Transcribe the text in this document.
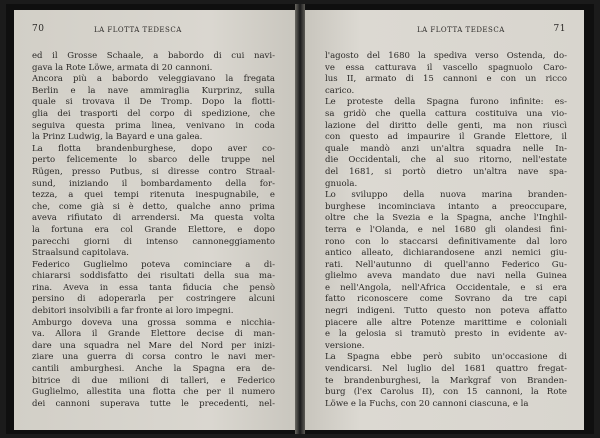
70	LA FLOTTA TEDESCA
ed il Grosse Schaale, a babordo di cui navi-
gava la Rote Löwe, armata di 20 cannoni.
Ancora più a babordo veleggiavano la fregata
Berlin e la nave ammiraglia Kurprinz, sulla
quale si trovava il De Tromp. Dopo la flotti-
glia dei trasporti del corpo di spedizione, che
seguiva questa prima linea, venivano in coda
la Prinz Ludwig, la Bayard e una galea.
La flotta brandenburghese, dopo aver co-
perto felicemente lo sbarco delle truppe nel
Rügen, presso Putbus, si diresse contro Straal-
sund, iniziando il bombardamento della for-
tezza, a quei tempi ritenuta inespugnabile, e
che, come già si è detto, qualche anno prima
aveva rifiutato di arrendersi. Ma questa volta
la fortuna era col Grande Elettore, e dopo
parecchi giorni di intenso cannoneggiamento
Straalsund capitolava.
Federico Guglielmo poteva cominciare a di-
chiararsi soddisfatto dei risultati della sua ma-
rina. Aveva in essa tanta fiducia che pensò
persino di adoperarla per costringere alcuni
debitori insolvibili a far fronte ai loro impegni.
Amburgo doveva una grossa somma e nicchia-
va. Allora il Grande Elettore decise di man-
dare una squadra nel Mare del Nord per inizi-
ziare una guerra di corsa contro le navi mer-
cantili amburghesi. Anche la Spagna era de-
bitrice di due milioni di talleri, e Federico
Guglielmo, allestita una flotta che per il numero
dei cannoni superava tutte le precedenti, nel-
LA FLOTTA TEDESCA	71
l'agosto del 1680 la spediva verso Ostenda, do-
ve essa catturava il vascello spagnuolo Caro-
lus II, armato di 15 cannoni e con un ricco
carico.
Le proteste della Spagna furono infinite: es-
sa gridò che quella cattura costituiva una vio-
lazione del diritto delle genti, ma non riuscì
con questo ad impaurire il Grande Elettore, il
quale mandò anzi un'altra squadra nelle In-
die Occidentali, che al suo ritorno, nell'estate
del 1681, si portò dietro un'altra nave spa-
gnuola.
Lo sviluppo della nuova marina branden-
burghese incominciava intanto a preoccupare,
oltre che la Svezia e la Spagna, anche l'Inghil-
terra e l'Olanda, e nel 1680 gli olandesi fini-
rono con lo staccarsi definitivamente dal loro
antico alleato, dichiarandosene anzi nemici giu-
rati. Nell'autunno di quell'anno Federico Gu-
glielmo aveva mandato due navi nella Guinea
e nell'Angola, nell'Africa Occidentale, e si era
fatto riconoscere come Sovrano da tre capi
negri indigeni. Tutto questo non poteva affatto
piacere alle altre Potenze marittime e coloniali
e la gelosia si tramutò presto in evidente av-
versione.
La Spagna ebbe però subito un'occasione di
vendicarsi. Nel luglio del 1681 quattro fregat-
te brandenburghesi, la Markgraf von Branden-
burg (l'ex Carolus II), con 15 cannoni, la Rote
Löwe e la Fuchs, con 20 cannoni ciascuna, e la
